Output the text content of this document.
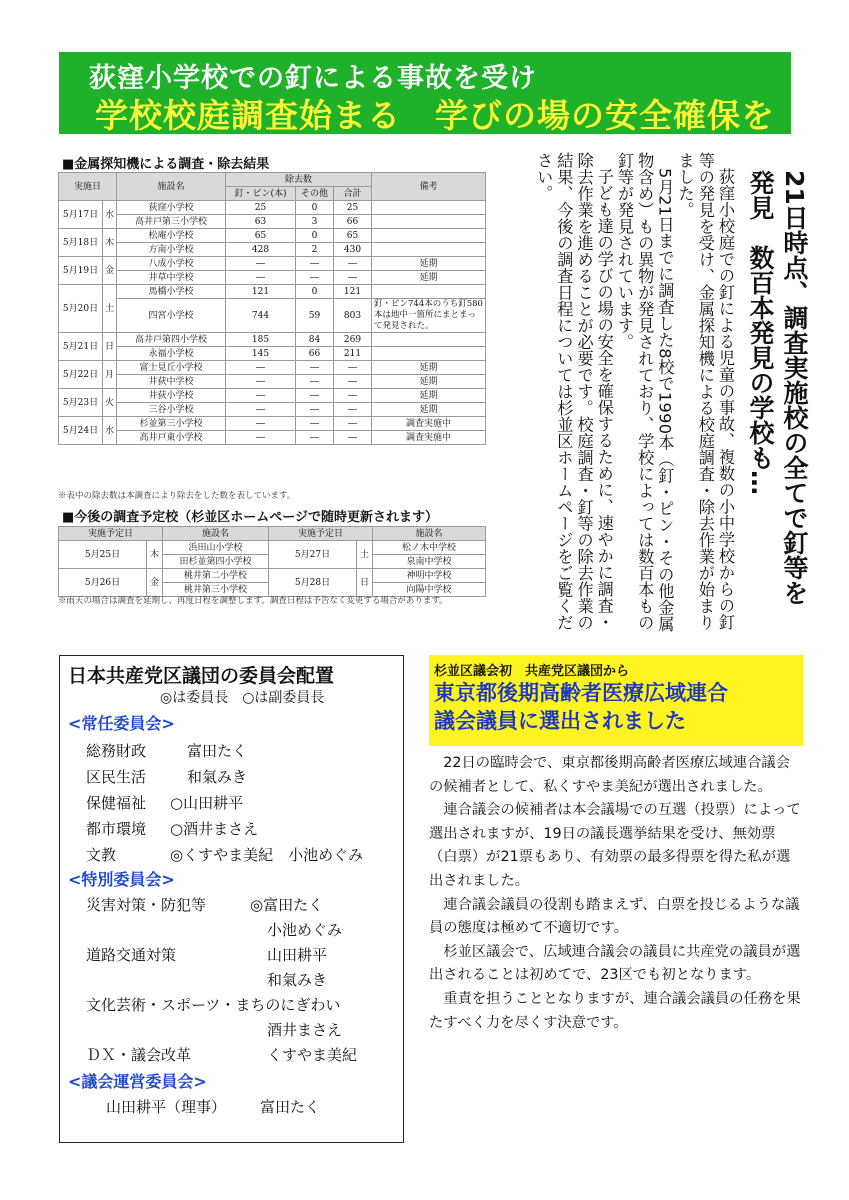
荻窪小学校での釘による事故を受け
学校校庭調査始まる　学びの場の安全確保を
■金属探知機による調査・除去結果
実施日		施設名	除去数			備考
			釘・ピン(本)	その他	合計	
5月17日	水	荻窪小学校	25	0	25	
		高井戸第三小学校	63	3	66	
5月18日	木	松庵小学校	65	0	65	
		方南小学校	428	2	430	
5月19日	金	八成小学校	―	―	―	延期
		井草中学校	―	―	―	延期
5月20日	土	馬橋小学校	121	0	121	
		四宮小学校	744	59	803	釘・ピン744本のうち釘580本は地中一箇所にまとまって発見された。
5月21日	日	高井戸第四小学校	185	84	269	
		永福小学校	145	66	211	
5月22日	月	富士見丘小学校	―	―	―	延期
		井荻中学校	―	―	―	延期
5月23日	火	井荻小学校	―	―	―	延期
		三谷小学校	―	―	―	延期
5月24日	水	杉並第三小学校	―	―	―	調査実施中
		高井戸東小学校	―	―	―	調査実施中
※表中の除去数は本調査により除去をした数を表しています。
■今後の調査予定校（杉並区ホームページで随時更新されます）
実施予定日		施設名	実施予定日		施設名
5月25日	木	浜田山小学校	5月27日	土	松ノ木中学校
		田杉並第四小学校			泉南中学校
5月26日	金	桃井第二小学校	5月28日	日	神明中学校
		桃井第三小学校			向陽中学校
※雨天の場合は調査を延期し、再度日程を調整します。調査日程は予告なく変更する場合があります。	21日時点、調査実施校の全てで釘等を
発見　数百本発見の学校も…

荻窪小校庭での釘による児童の事故、複数の小中学校からの釘等の発見を受け、金属探知機による校庭調査・除去作業が始まりました。

5月21日までに調査した8校で1990本（釘・ピン・その他金属物含め）もの異物が発見されており、学校によっては数百本もの釘等が発見されています。

子ども達の学びの場の安全を確保するために、速やかに調査・除去作業を進めることが必要です。校庭調査・釘等の除去作業の結果、今後の調査日程については杉並区ホームページをご覧ください。

日本共産党区議団の委員会配置
◎は委員長　○は副委員長
<常任委員会>
総務財政	富田たく
区民生活	和氣みき
保健福祉 ○山田耕平
都市環境 ○酒井まさえ
文教	◎くすやま美紀　小池めぐみ
<特別委員会>
災害対策・防犯等	◎富田たく
小池めぐみ
道路交通対策	山田耕平
和氣みき
文化芸術・スポーツ・まちのにぎわい
酒井まさえ
ＤＸ・議会改革	くすやま美紀
<議会運営委員会>
山田耕平（理事） 富田たく
杉並区議会初　共産党区議団から
東京都後期高齢者医療広域連合
議会議員に選出されました

22日の臨時会で、東京都後期高齢者医療広域連合議会の候補者として、私くすやま美紀が選出されました。

連合議会の候補者は本会議場での互選（投票）によって選出されますが、19日の議長選挙結果を受け、無効票（白票）が21票もあり、有効票の最多得票を得た私が選出されました。

連合議会議員の役割も踏まえず、白票を投じるような議員の態度は極めて不適切です。

杉並区議会で、広域連合議会の議員に共産党の議員が選出されることは初めてで、23区でも初となります。

重責を担うこととなりますが、連合議会議員の任務を果たすべく力を尽くす決意です。
